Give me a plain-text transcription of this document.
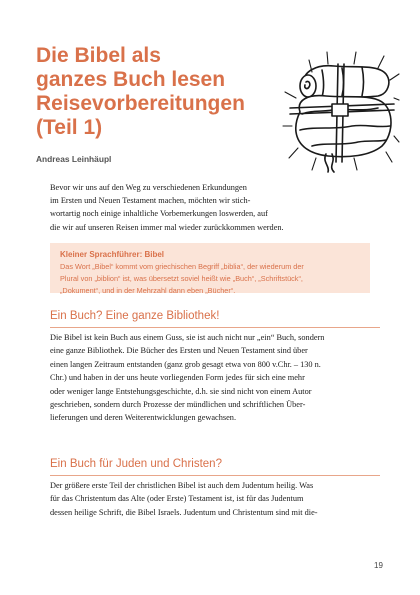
Die Bibel als
ganzes Buch lesen
Reisevorbereitungen
(Teil 1)
Andreas Leinhäupl
Bevor wir uns auf den Weg zu verschiedenen Erkundungen
im Ersten und Neuen Testament machen, möchten wir stich-
wortartig noch einige inhaltliche Vorbemerkungen loswerden, auf
die wir auf unseren Reisen immer mal wieder zurückkommen werden.
Kleiner Sprachführer: Bibel
Das Wort „Bibel“ kommt vom griechischen Begriff „biblia“, der wiederum der
Plural von „biblion“ ist, was übersetzt soviel heißt wie „Buch“, „Schriftstück“,
„Dokument“, und in der Mehrzahl dann eben „Bücher“.
Ein Buch? Eine ganze Bibliothek!
Die Bibel ist kein Buch aus einem Guss, sie ist auch nicht nur „ein“ Buch, sondern
eine ganze Bibliothek. Die Bücher des Ersten und Neuen Testament sind über
einen langen Zeitraum entstanden (ganz grob gesagt etwa von 800 v.Chr. – 130 n.
Chr.) und haben in der uns heute vorliegenden Form jedes für sich eine mehr
oder weniger lange Entstehungsgeschichte, d.h. sie sind nicht von einem Autor
geschrieben, sondern durch Prozesse der mündlichen und schriftlichen Über-
lieferungen und deren Weiterentwicklungen gewachsen.
Ein Buch für Juden und Christen?
Der größere erste Teil der christlichen Bibel ist auch dem Judentum heilig. Was
für das Christentum das Alte (oder Erste) Testament ist, ist für das Judentum
dessen heilige Schrift, die Bibel Israels. Judentum und Christentum sind mit die-
19
